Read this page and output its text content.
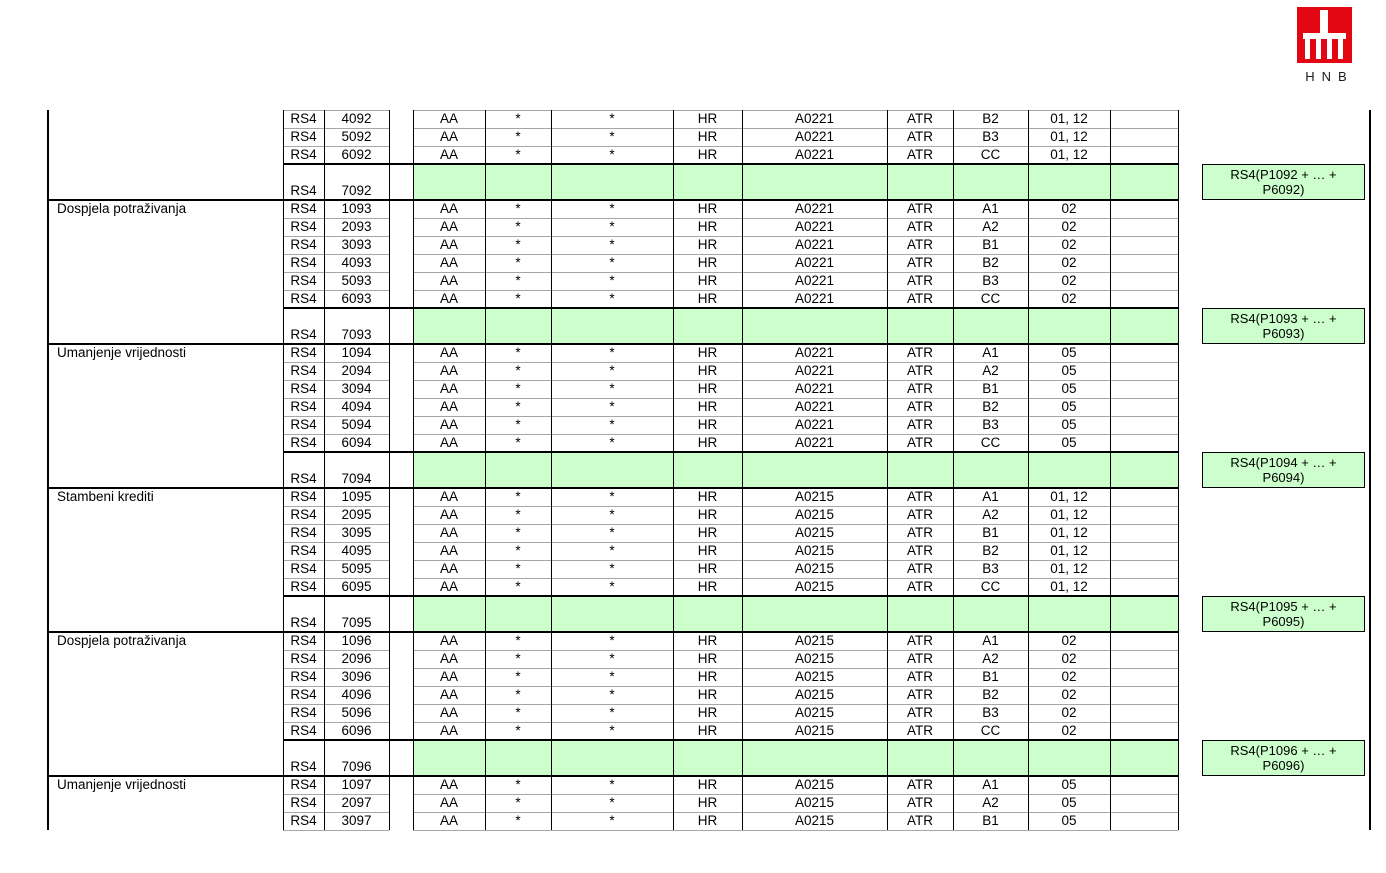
HNB
RS4	4092	AA	*	*	HR	A0221	ATR	B2	01, 12
RS4	5092	AA	*	*	HR	A0221	ATR	B3	01, 12
RS4	6092	AA	*	*	HR	A0221	ATR	CC	01, 12
RS4	7092
RS4(P1092 + … +
P6092)
Dospjela potraživanja	RS4	1093	AA	*	*	HR	A0221	ATR	A1	02
RS4	2093	AA	*	*	HR	A0221	ATR	A2	02
RS4	3093	AA	*	*	HR	A0221	ATR	B1	02
RS4	4093	AA	*	*	HR	A0221	ATR	B2	02
RS4	5093	AA	*	*	HR	A0221	ATR	B3	02
RS4	6093	AA	*	*	HR	A0221	ATR	CC	02
RS4	7093
RS4(P1093 + … +
P6093)
Umanjenje vrijednosti	RS4	1094	AA	*	*	HR	A0221	ATR	A1	05
RS4	2094	AA	*	*	HR	A0221	ATR	A2	05
RS4	3094	AA	*	*	HR	A0221	ATR	B1	05
RS4	4094	AA	*	*	HR	A0221	ATR	B2	05
RS4	5094	AA	*	*	HR	A0221	ATR	B3	05
RS4	6094	AA	*	*	HR	A0221	ATR	CC	05
RS4	7094
RS4(P1094 + … +
P6094)
Stambeni krediti	RS4	1095	AA	*	*	HR	A0215	ATR	A1	01, 12
RS4	2095	AA	*	*	HR	A0215	ATR	A2	01, 12
RS4	3095	AA	*	*	HR	A0215	ATR	B1	01, 12
RS4	4095	AA	*	*	HR	A0215	ATR	B2	01, 12
RS4	5095	AA	*	*	HR	A0215	ATR	B3	01, 12
RS4	6095	AA	*	*	HR	A0215	ATR	CC	01, 12
RS4	7095
RS4(P1095 + … +
P6095)
Dospjela potraživanja	RS4	1096	AA	*	*	HR	A0215	ATR	A1	02
RS4	2096	AA	*	*	HR	A0215	ATR	A2	02
RS4	3096	AA	*	*	HR	A0215	ATR	B1	02
RS4	4096	AA	*	*	HR	A0215	ATR	B2	02
RS4	5096	AA	*	*	HR	A0215	ATR	B3	02
RS4	6096	AA	*	*	HR	A0215	ATR	CC	02
RS4	7096
RS4(P1096 + … +
P6096)
Umanjenje vrijednosti	RS4	1097	AA	*	*	HR	A0215	ATR	A1	05
RS4	2097	AA	*	*	HR	A0215	ATR	A2	05
RS4	3097	AA	*	*	HR	A0215	ATR	B1	05
